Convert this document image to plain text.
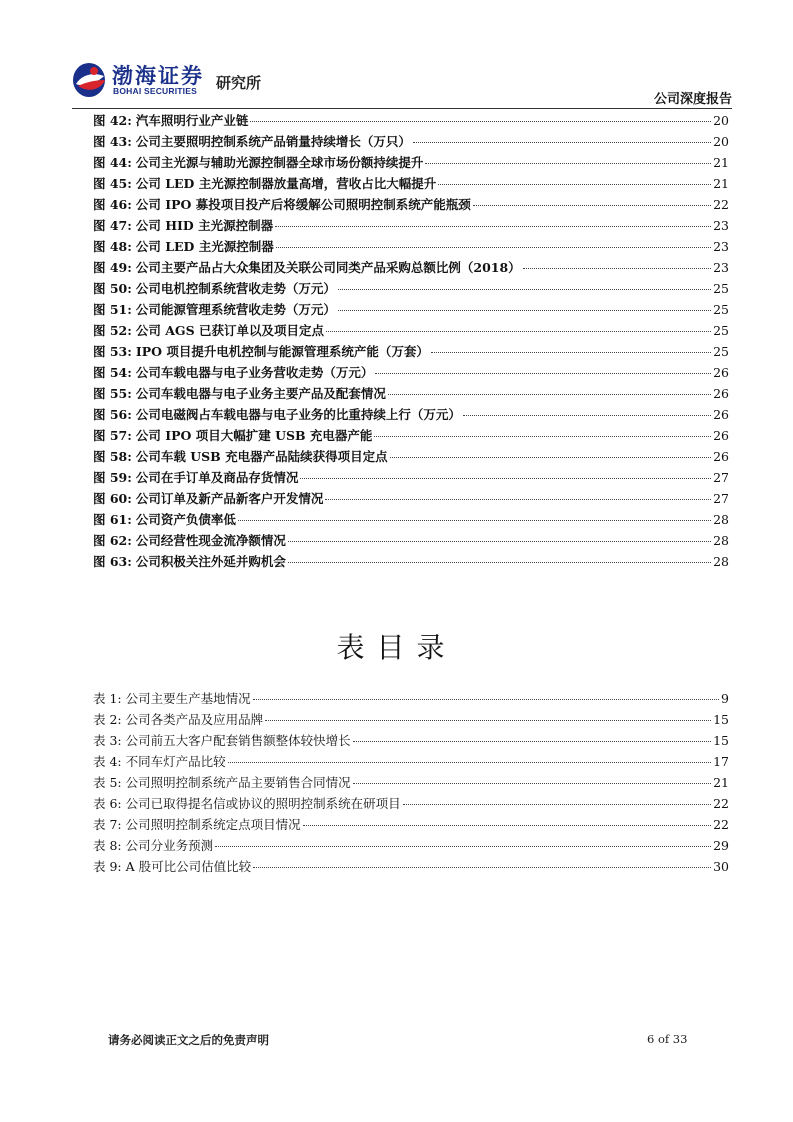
渤海证券
BOHAI SECURITIES 研究所
公司深度报告
图 42: 汽车照明行业产业链	20
图 43: 公司主要照明控制系统产品销量持续增长（万只）	20
图 44: 公司主光源与辅助光源控制器全球市场份额持续提升	21
图 45: 公司 LED 主光源控制器放量高增，营收占比大幅提升	21
图 46: 公司 IPO 募投项目投产后将缓解公司照明控制系统产能瓶颈	22
图 47: 公司 HID 主光源控制器	23
图 48: 公司 LED 主光源控制器	23
图 49: 公司主要产品占大众集团及关联公司同类产品采购总额比例（2018）	23
图 50: 公司电机控制系统营收走势（万元）	25
图 51: 公司能源管理系统营收走势（万元）	25
图 52: 公司 AGS 已获订单以及项目定点	25
图 53: IPO 项目提升电机控制与能源管理系统产能（万套）	25
图 54: 公司车载电器与电子业务营收走势（万元）	26
图 55: 公司车载电器与电子业务主要产品及配套情况	26
图 56: 公司电磁阀占车载电器与电子业务的比重持续上行（万元）	26
图 57: 公司 IPO 项目大幅扩建 USB 充电器产能	26
图 58: 公司车载 USB 充电器产品陆续获得项目定点	26
图 59: 公司在手订单及商品存货情况	27
图 60: 公司订单及新产品新客户开发情况	27
图 61: 公司资产负债率低	28
图 62: 公司经营性现金流净额情况	28
图 63: 公司积极关注外延并购机会	28
表目录
表 1: 公司主要生产基地情况	9
表 2: 公司各类产品及应用品牌	15
表 3: 公司前五大客户配套销售额整体较快增长	15
表 4: 不同车灯产品比较	17
表 5: 公司照明控制系统产品主要销售合同情况	21
表 6: 公司已取得提名信或协议的照明控制系统在研项目	22
表 7: 公司照明控制系统定点项目情况	22
表 8: 公司分业务预测	29
表 9: A 股可比公司估值比较	30
请务必阅读正文之后的免责声明	6 of 33
